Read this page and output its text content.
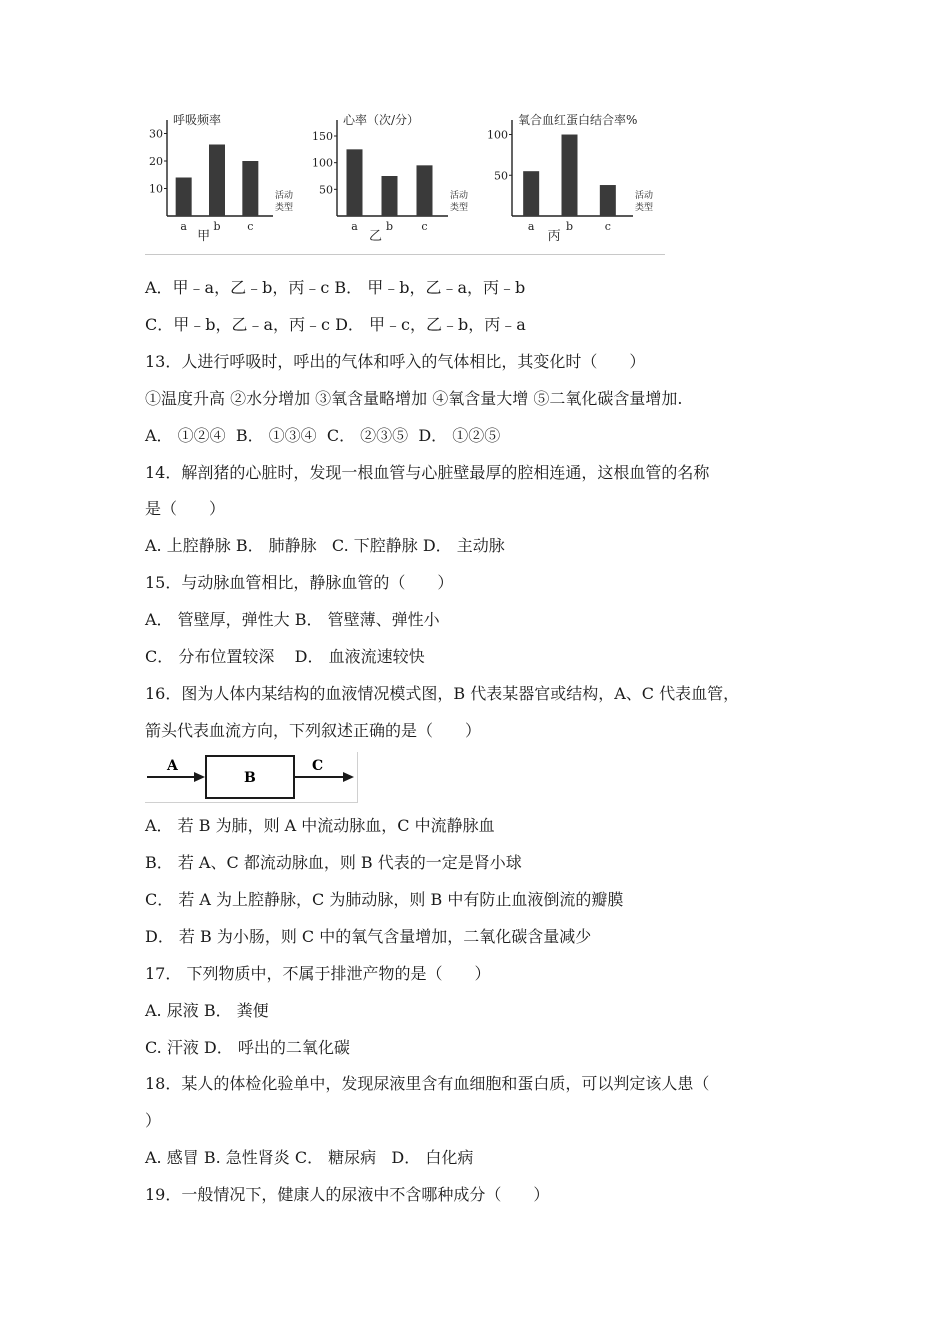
呼吸频率
30
20
10
a b c
活动
类型
甲
心率（次/分）
150
100
50
a	b	c
活动
类型
乙
氧合血红蛋白结合率%
100
50
a	b	c
活动
类型
丙
A．甲﹣a，乙﹣b，丙﹣c B． 甲﹣b，乙﹣a，丙﹣b
C．甲﹣b，乙﹣a，丙﹣c D． 甲﹣c，乙﹣b，丙﹣a
13．人进行呼吸时，呼出的气体和呼入的气体相比，其变化时（　　）
①温度升高 ②水分增加 ③氧含量略增加 ④氧含量大增 ⑤二氧化碳含量增加.
A． ①②④  B． ①③④  C． ②③⑤  D． ①②⑤
14．解剖猪的心脏时，发现一根血管与心脏壁最厚的腔相连通，这根血管的名称
是（　　）
A. 上腔静脉 B． 肺静脉   C. 下腔静脉 D． 主动脉
15．与动脉血管相比，静脉血管的（　　）
A． 管壁厚，弹性大 B． 管壁薄、弹性小
C． 分布位置较深    D． 血液流速较快
16．图为人体内某结构的血液情况模式图，B 代表某器官或结构，A、C 代表血管，
箭头代表血流方向，下列叙述正确的是（　　）
A
B
C
A． 若 B 为肺，则 A 中流动脉血，C 中流静脉血
B． 若 A、C 都流动脉血，则 B 代表的一定是肾小球
C． 若 A 为上腔静脉，C 为肺动脉，则 B 中有防止血液倒流的瓣膜
D． 若 B 为小肠，则 C 中的氧气含量增加，二氧化碳含量减少
17． 下列物质中，不属于排泄产物的是（　　）
A. 尿液 B． 粪便
C. 汗液 D． 呼出的二氧化碳
18．某人的体检化验单中，发现尿液里含有血细胞和蛋白质，可以判定该人患（
）
A. 感冒 B. 急性肾炎 C． 糖尿病   D． 白化病
19．一般情况下，健康人的尿液中不含哪种成分（　　）
